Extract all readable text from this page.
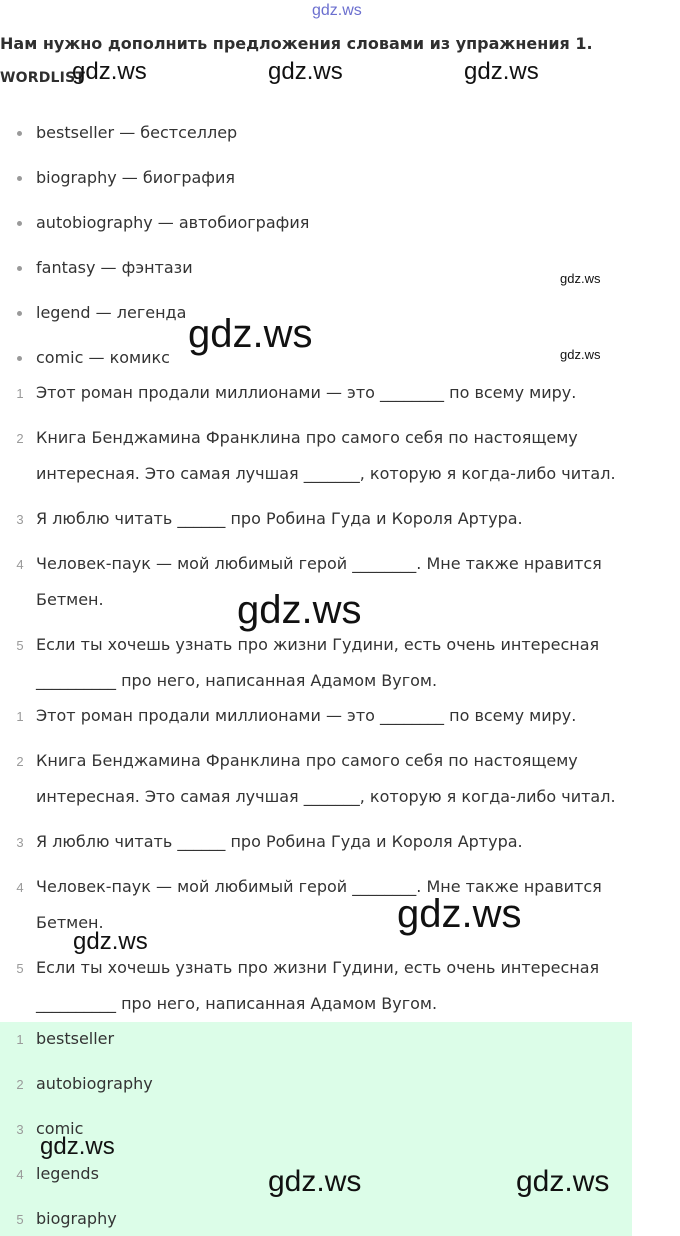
gdz.ws
Нам нужно дополнить предложения словами из упражнения 1.
WORDLIST
bestseller — бестселлер
biography — биография
autobiography — автобиография
fantasy — фэнтази
legend — легенда
comic — комикс
1 Этот роман продали миллионами — это ________ по всему миру.
2 Книга Бенджамина Франклина про самого себя по настоящему
интересная. Это самая лучшая _______, которую я когда-либо читал.
3 Я люблю читать ______ про Робина Гуда и Короля Артура.
4 Человек-паук — мой любимый герой ________. Мне также нравится
Бетмен.
5 Если ты хочешь узнать про жизни Гудини, есть очень интересная
__________ про него, написанная Адамом Вугом.
1 Этот роман продали миллионами — это ________ по всему миру.
2 Книга Бенджамина Франклина про самого себя по настоящему
интересная. Это самая лучшая _______, которую я когда-либо читал.
3 Я люблю читать ______ про Робина Гуда и Короля Артура.
4 Человек-паук — мой любимый герой ________. Мне также нравится
Бетмен.
5 Если ты хочешь узнать про жизни Гудини, есть очень интересная
__________ про него, написанная Адамом Вугом.
1 bestseller
2 autobiography
3 comic
4 legends
5 biography
gdz.ws	gdz.ws	gdz.ws
gdz.ws
gdz.ws	gdz.ws
gdz.ws
gdz.ws
gdz.ws
gdz.ws
gdz.ws	gdz.ws
